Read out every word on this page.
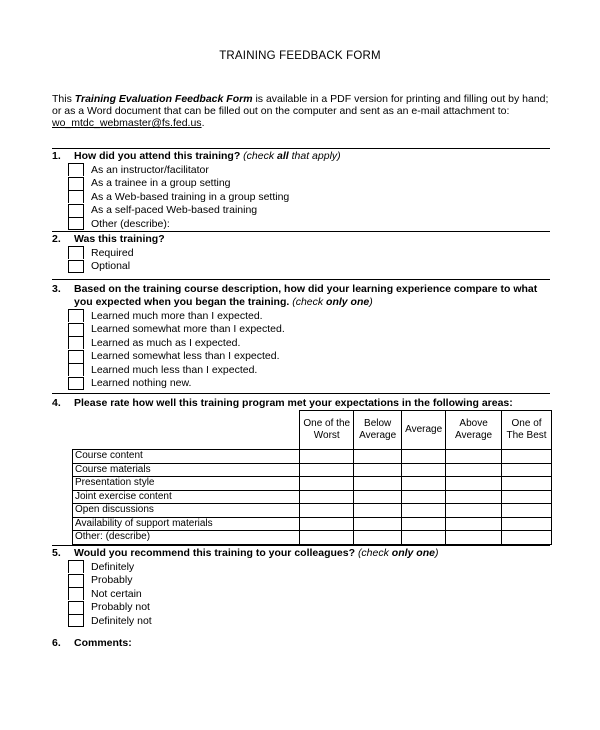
TRAINING FEEDBACK FORM
This Training Evaluation Feedback Form is available in a PDF version for printing and filling out by hand; or as a Word document that can be filled out on the computer and sent as an e-mail attachment to:
wo_mtdc_webmaster@fs.fed.us.
1.	How did you attend this training? (check all that apply)
As an instructor/facilitator
As a trainee in a group setting
As a Web-based training in a group setting
As a self-paced Web-based training
Other (describe):
2.	Was this training?
Required
Optional
3.	Based on the training course description, how did your learning experience compare to what you expected when you began the training. (check only one)
Learned much more than I expected.
Learned somewhat more than I expected.
Learned as much as I expected.
Learned somewhat less than I expected.
Learned much less than I expected.
Learned nothing new.
4.	Please rate how well this training program met your expectations in the following areas:
	One of the Worst	Below Average	Average	Above Average	One of The Best
Course content					
Course materials					
Presentation style					
Joint exercise content					
Open discussions					
Availability of support materials					
Other: (describe)					
5.	Would you recommend this training to your colleagues? (check only one)
Definitely
Probably
Not certain
Probably not
Definitely not
6.	Comments:
